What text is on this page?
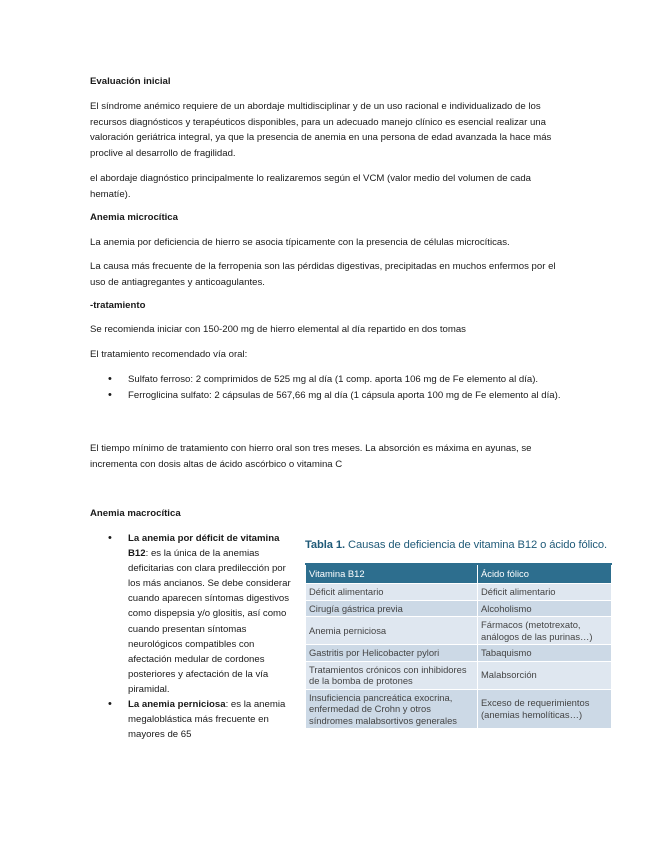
Evaluación inicial
El síndrome anémico requiere de un abordaje multidisciplinar y de un uso racional e individualizado de los recursos diagnósticos y terapéuticos disponibles, para un adecuado manejo clínico es esencial realizar una valoración geriátrica integral, ya que la presencia de anemia en una persona de edad avanzada la hace más proclive al desarrollo de fragilidad.
el abordaje diagnóstico principalmente lo realizaremos según el VCM (valor medio del volumen de cada hematíe).
Anemia microcítica
La anemia por deficiencia de hierro se asocia típicamente con la presencia de células microcíticas.
La causa más frecuente de la ferropenia son las pérdidas digestivas, precipitadas en muchos enfermos por el uso de antiagregantes y anticoagulantes.
-tratamiento
Se recomienda iniciar con 150-200 mg de hierro elemental al día repartido en dos tomas
El tratamiento recomendado vía oral:
• Sulfato ferroso: 2 comprimidos de 525 mg al día (1 comp. aporta 106 mg de Fe elemento al día).
• Ferroglicina sulfato: 2 cápsulas de 567,66 mg al día (1 cápsula aporta 100 mg de Fe elemento al día).
El tiempo mínimo de tratamiento con hierro oral son tres meses. La absorción es máxima en ayunas, se incrementa con dosis altas de ácido ascórbico o vitamina C
Anemia macrocítica
• La anemia por déficit de vitamina B12: es la única de la anemias deficitarias con clara predilección por los más ancianos. Se debe considerar cuando aparecen síntomas digestivos como dispepsia y/o glositis, así como cuando presentan síntomas neurológicos compatibles con afectación medular de cordones posteriores y afectación de la vía piramidal.
• La anemia perniciosa: es la anemia megaloblástica más frecuente en mayores de 65
Tabla 1. Causas de deficiencia de vitamina B12 o ácido fólico.
Vitamina B12	Ácido fólico
Déficit alimentario	Déficit alimentario
Cirugía gástrica previa	Alcoholismo
Anemia perniciosa	Fármacos (metotrexato, análogos de las purinas…)
Gastritis por Helicobacter pylori	Tabaquismo
Tratamientos crónicos con inhibidores de la bomba de protones	Malabsorción
Insuficiencia pancreática exocrina, enfermedad de Crohn y otros síndromes malabsortivos generales	Exceso de requerimientos (anemias hemolíticas…)
